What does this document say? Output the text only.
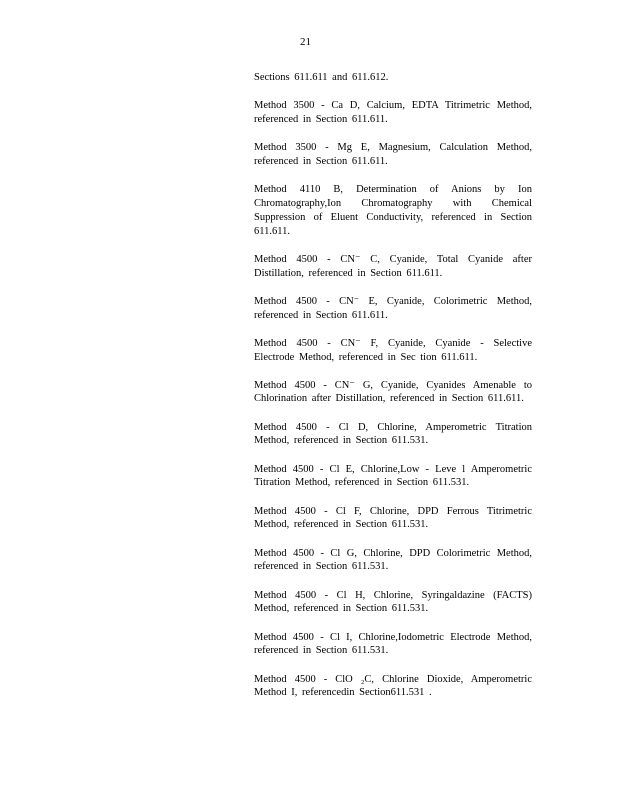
21

Sections 611.611 and 611.612.

Method 3500 - Ca D, Calcium, EDTA Titrimetric Method, referenced in Section 611.611.

Method 3500 - Mg E, Magnesium, Calculation Method, referenced in Section 611.611.

Method 4110 B, Determination of Anions by Ion Chromatography,Ion Chromatography with Chemical Suppression of Eluent Conductivity, referenced in Section 611.611.

Method 4500 - CN⁻ C, Cyanide, Total Cyanide after Distillation, referenced in Section 611.611.

Method 4500 - CN⁻ E, Cyanide, Colorimetric Method, referenced in Section 611.611.

Method 4500 - CN⁻ F, Cyanide, Cyanide - Selective Electrode Method, referenced in Sec tion 611.611.

Method 4500 - CN⁻ G, Cyanide, Cyanides Amenable to Chlorination after Distillation, referenced in Section 611.611.

Method 4500 - Cl D, Chlorine, Amperometric Titration Method, referenced in Section 611.531.

Method 4500 - Cl E, Chlorine,Low - Leve l Amperometric Titration Method, referenced in Section 611.531.

Method 4500 - Cl F, Chlorine, DPD Ferrous Titrimetric Method, referenced in Section 611.531.

Method 4500 - Cl G, Chlorine, DPD Colorimetric Method, referenced in Section 611.531.

Method 4500 - Cl H, Chlorine, Syringaldazine (FACTS) Method, referenced in Section 611.531.

Method 4500 - Cl I, Chlorine,Iodometric Electrode Method, referenced in Section 611.531.

Method 4500 - ClO ₂C, Chlorine Dioxide, Amperometric Method I, referencedin Section611.531 .
